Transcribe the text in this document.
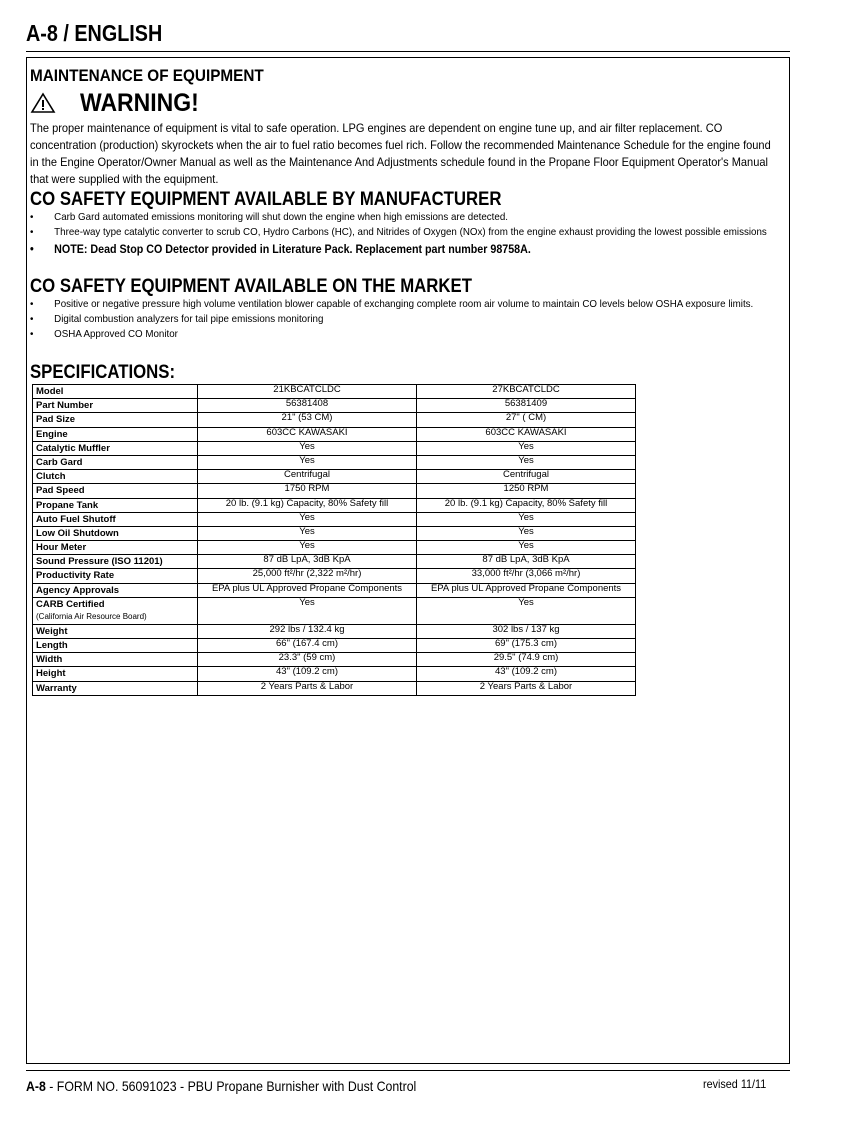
A-8 / ENGLISH
MAINTENANCE OF EQUIPMENT
WARNING!
The proper maintenance of equipment is vital to safe operation. LPG engines are dependent on engine tune up, and air filter replacement. CO concentration (production) skyrockets when the air to fuel ratio becomes fuel rich. Follow the recommended Maintenance Schedule for the engine found in the Engine Operator/Owner Manual as well as the Maintenance And Adjustments schedule found in the Propane Floor Equipment Operator's Manual that were supplied with the equipment.
CO SAFETY EQUIPMENT AVAILABLE BY MANUFACTURER
• Carb Gard automated emissions monitoring will shut down the engine when high emissions are detected.
• Three-way type catalytic converter to scrub CO, Hydro Carbons (HC), and Nitrides of Oxygen (NOx) from the engine exhaust providing the lowest possible emissions
• NOTE: Dead Stop CO Detector provided in Literature Pack. Replacement part number 98758A.
CO SAFETY EQUIPMENT AVAILABLE ON THE MARKET
• Positive or negative pressure high volume ventilation blower capable of exchanging complete room air volume to maintain CO levels below OSHA exposure limits.
• Digital combustion analyzers for tail pipe emissions monitoring
• OSHA Approved CO Monitor
SPECIFICATIONS:
Model	21KBCATCLDC	27KBCATCLDC
Part Number	56381408	56381409
Pad Size	21" (53 CM)	27" ( CM)
Engine	603CC KAWASAKI	603CC KAWASAKI
Catalytic Muffler	Yes	Yes
Carb Gard	Yes	Yes
Clutch	Centrifugal	Centrifugal
Pad Speed	1750 RPM	1250 RPM
Propane Tank	20 lb. (9.1 kg) Capacity, 80% Safety fill	20 lb. (9.1 kg) Capacity, 80% Safety fill
Auto Fuel Shutoff	Yes	Yes
Low Oil Shutdown	Yes	Yes
Hour Meter	Yes	Yes
Sound Pressure (ISO 11201)	87 dB LpA, 3dB KpA	87 dB LpA, 3dB KpA
Productivity Rate	25,000 ft²/hr (2,322 m²/hr)	33,000 ft²/hr (3,066 m²/hr)
Agency Approvals	EPA plus UL Approved Propane Components	EPA plus UL Approved Propane Components
CARB Certified
(California Air Resource Board)	Yes	Yes
Weight	292 lbs / 132.4 kg	302 lbs / 137 kg
Length	66" (167.4 cm)	69" (175.3 cm)
Width	23.3" (59 cm)	29.5" (74.9 cm)
Height	43" (109.2 cm)	43" (109.2 cm)
Warranty	2 Years Parts & Labor	2 Years Parts & Labor
A-8 - FORM NO. 56091023 - PBU Propane Burnisher with Dust Control	revised 11/11
